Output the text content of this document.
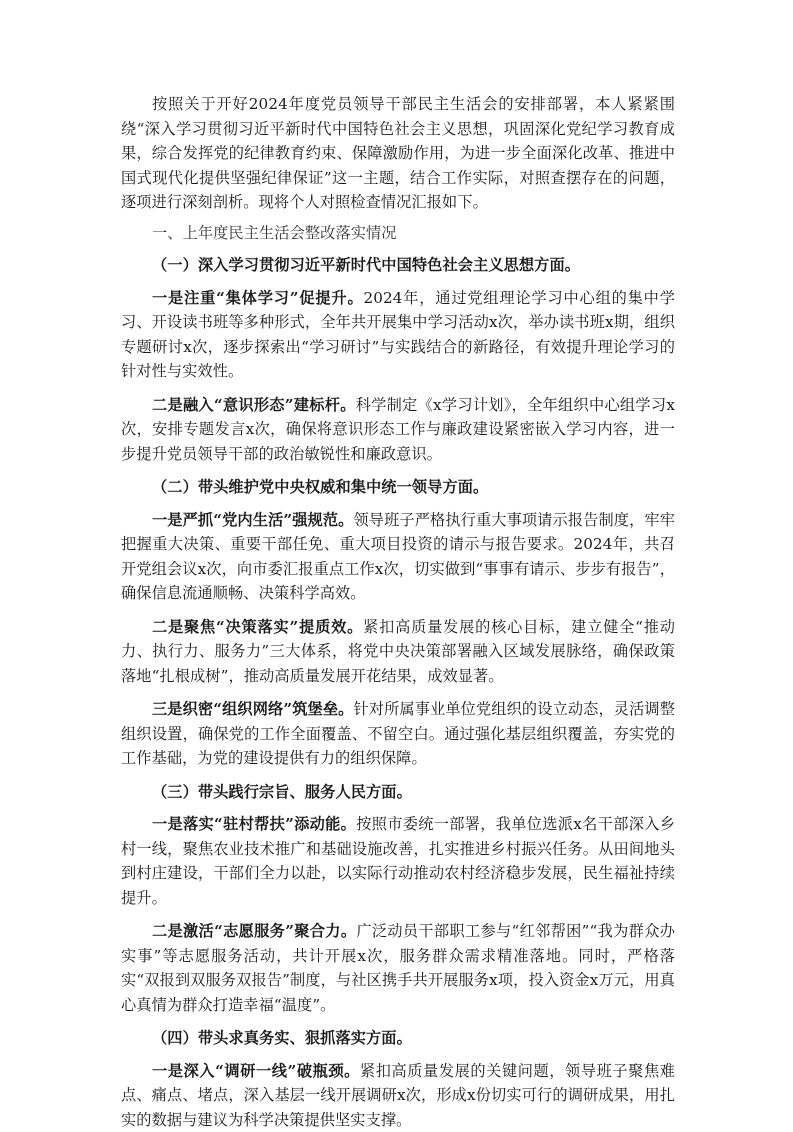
按照关于开好2024年度党员领导干部民主生活会的安排部署，本人紧紧围绕“深入学习贯彻习近平新时代中国特色社会主义思想，巩固深化党纪学习教育成果，综合发挥党的纪律教育约束、保障激励作用，为进一步全面深化改革、推进中国式现代化提供坚强纪律保证”这一主题，结合工作实际，对照查摆存在的问题，逐项进行深刻剖析。现将个人对照检查情况汇报如下。

一、上年度民主生活会整改落实情况

（一）深入学习贯彻习近平新时代中国特色社会主义思想方面。

一是注重“集体学习”促提升。2024年，通过党组理论学习中心组的集中学习、开设读书班等多种形式，全年共开展集中学习活动x次，举办读书班x期，组织专题研讨x次，逐步探索出“学习研讨”与实践结合的新路径，有效提升理论学习的针对性与实效性。

二是融入“意识形态”建标杆。科学制定《x学习计划》，全年组织中心组学习x次，安排专题发言x次，确保将意识形态工作与廉政建设紧密嵌入学习内容，进一步提升党员领导干部的政治敏锐性和廉政意识。

（二）带头维护党中央权威和集中统一领导方面。

一是严抓“党内生活”强规范。领导班子严格执行重大事项请示报告制度，牢牢把握重大决策、重要干部任免、重大项目投资的请示与报告要求。2024年，共召开党组会议x次，向市委汇报重点工作x次，切实做到“事事有请示、步步有报告”，确保信息流通顺畅、决策科学高效。

二是聚焦“决策落实”提质效。紧扣高质量发展的核心目标，建立健全“推动力、执行力、服务力”三大体系，将党中央决策部署融入区域发展脉络，确保政策落地“扎根成树”，推动高质量发展开花结果，成效显著。

三是织密“组织网络”筑堡垒。针对所属事业单位党组织的设立动态，灵活调整组织设置，确保党的工作全面覆盖、不留空白。通过强化基层组织覆盖，夯实党的工作基础，为党的建设提供有力的组织保障。

（三）带头践行宗旨、服务人民方面。

一是落实“驻村帮扶”添动能。按照市委统一部署，我单位选派x名干部深入乡村一线，聚焦农业技术推广和基础设施改善，扎实推进乡村振兴任务。从田间地头到村庄建设，干部们全力以赴，以实际行动推动农村经济稳步发展，民生福祉持续提升。

二是激活“志愿服务”聚合力。广泛动员干部职工参与“红邻帮困”“我为群众办实事”等志愿服务活动，共计开展x次，服务群众需求精准落地。同时，严格落实“双报到双服务双报告”制度，与社区携手共开展服务x项，投入资金x万元，用真心真情为群众打造幸福“温度”。

（四）带头求真务实、狠抓落实方面。

一是深入“调研一线”破瓶颈。紧扣高质量发展的关键问题，领导班子聚焦难点、痛点、堵点，深入基层一线开展调研x次，形成x份切实可行的调研成果，用扎实的数据与建议为科学决策提供坚实支撑。
